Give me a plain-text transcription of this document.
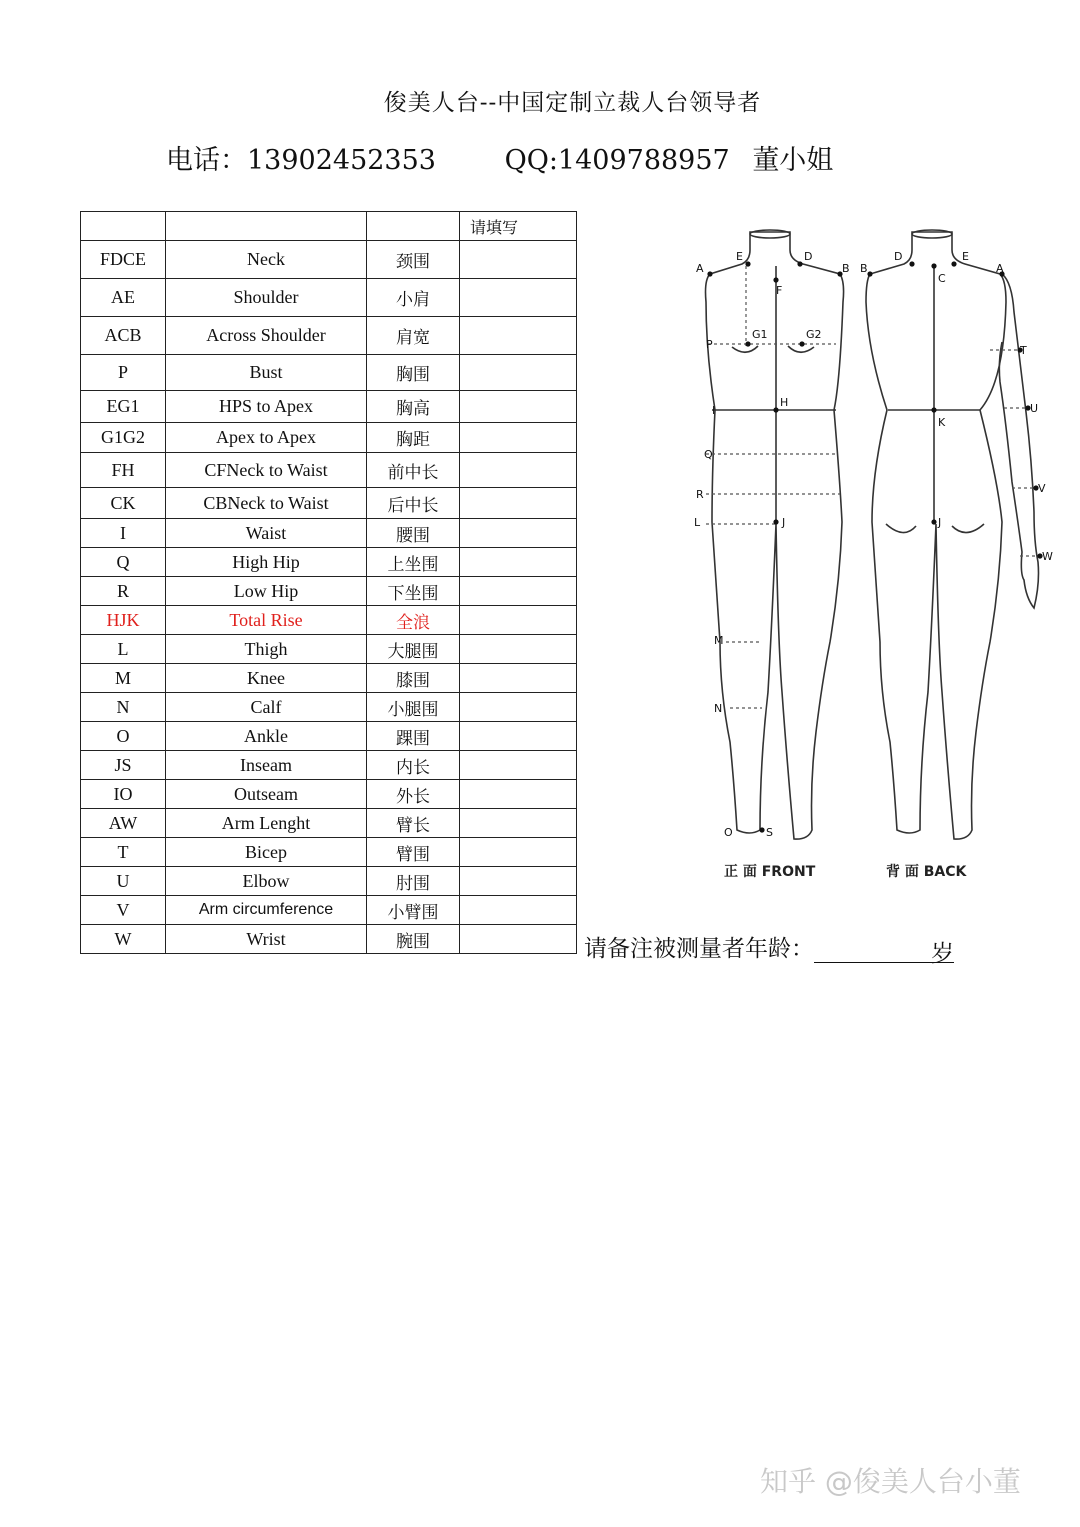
俊美人台--中国定制立裁人台领导者
电话：13902452353	QQ:1409788957 董小姐
			请填写
FDCE	Neck	颈围	
AE	Shoulder	小肩	
ACB	Across Shoulder	肩宽	
P	Bust	胸围	
EG1	HPS to Apex	胸高	
G1G2	Apex to Apex	胸距	
FH	CFNeck to Waist	前中长	
CK	CBNeck to Waist	后中长	
I	Waist	腰围	
Q	High Hip	上坐围	
R	Low Hip	下坐围	
HJK	Total Rise	全浪	
L	Thigh	大腿围	
M	Knee	膝围	
N	Calf	小腿围	
O	Ankle	踝围	
JS	Inseam	内长	
IO	Outseam	外长	
AW	Arm Lenght	臂长	
T	Bicep	臂围	
U	Elbow	肘围	
V	Arm circumference	小臂围	
W	Wrist	腕围	
A
E	D
B
F
G1	G2
P
H
I
Q
R
L	J
M
N
O	S
B
D	E
A
C
T
U
K
V
J
W
正 面 FRONT	背 面 BACK
请备注被测量者年龄：	岁
知乎 @俊美人台小董
